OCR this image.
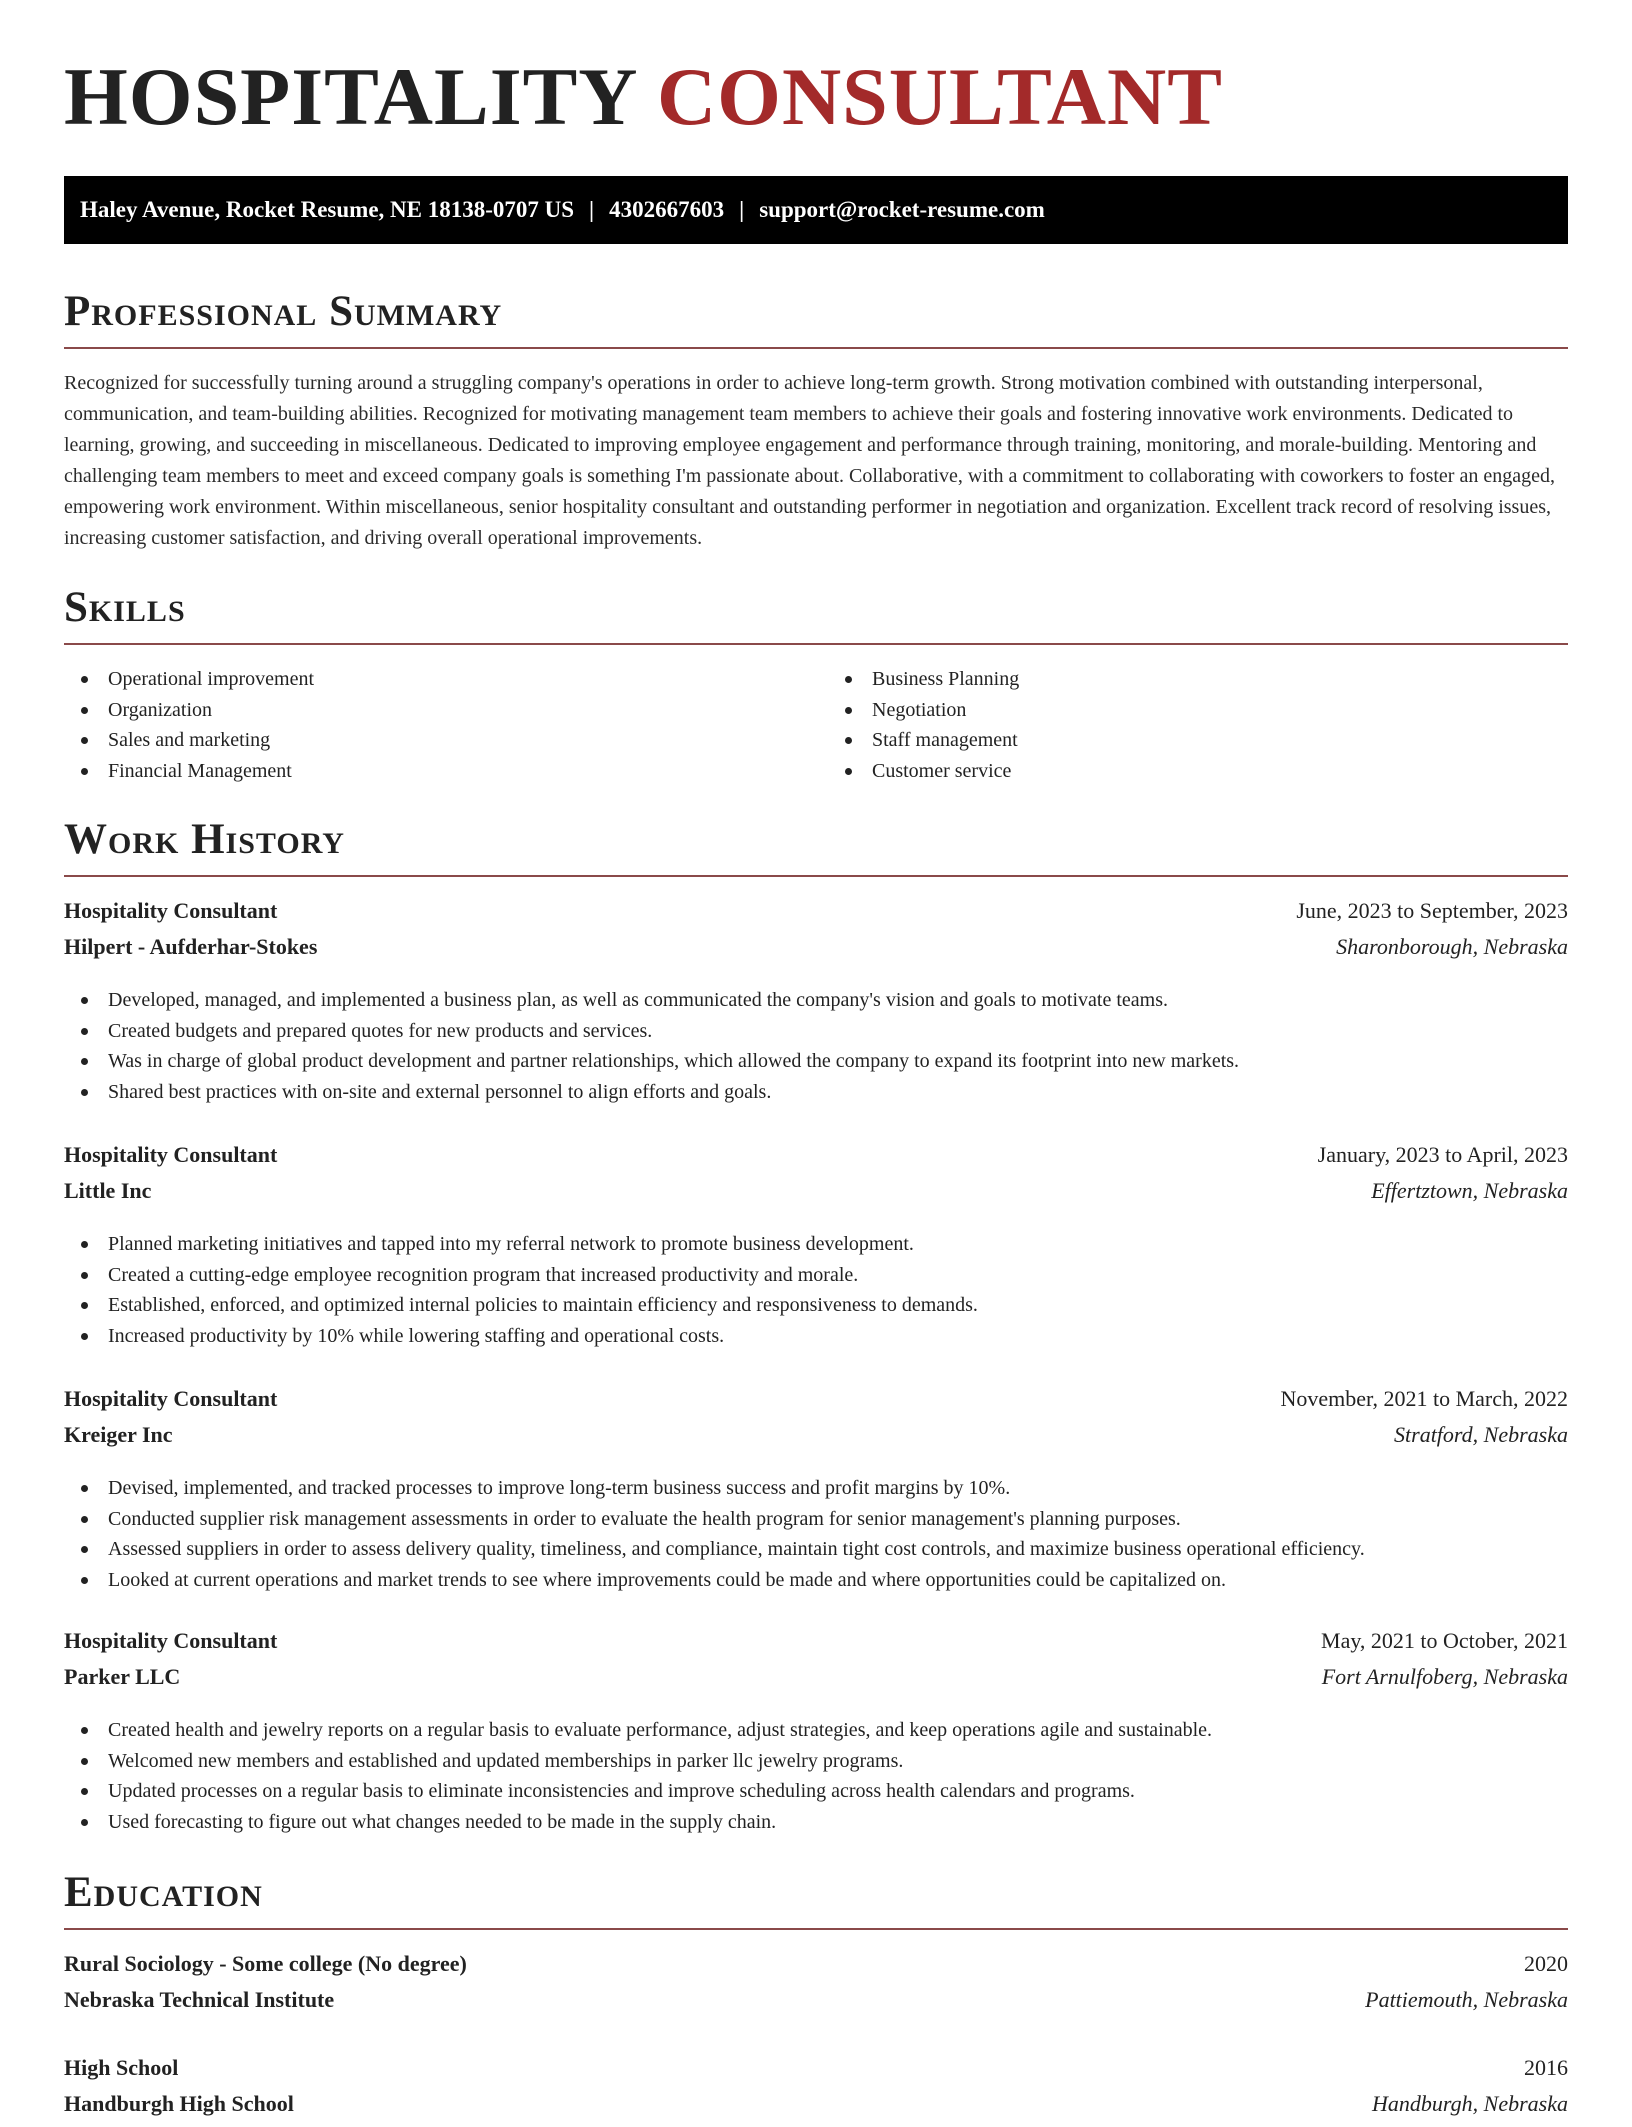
HOSPITALITY CONSULTANT
Haley Avenue, Rocket Resume, NE 18138-0707 US | 4302667603 | support@rocket-resume.com
Professional Summary
Recognized for successfully turning around a struggling company's operations in order to achieve long-term growth. Strong motivation combined with outstanding interpersonal, communication, and team-building abilities. Recognized for motivating management team members to achieve their goals and fostering innovative work environments. Dedicated to learning, growing, and succeeding in miscellaneous. Dedicated to improving employee engagement and performance through training, monitoring, and morale-building. Mentoring and challenging team members to meet and exceed company goals is something I'm passionate about. Collaborative, with a commitment to collaborating with coworkers to foster an engaged, empowering work environment. Within miscellaneous, senior hospitality consultant and outstanding performer in negotiation and organization. Excellent track record of resolving issues, increasing customer satisfaction, and driving overall operational improvements.
Skills
Operational improvement	Business Planning
Organization	Negotiation
Sales and marketing	Staff management
Financial Management	Customer service
Work History
Hospitality Consultant	June, 2023 to September, 2023
Hilpert - Aufderhar-Stokes	Sharonborough, Nebraska
Developed, managed, and implemented a business plan, as well as communicated the company's vision and goals to motivate teams.
Created budgets and prepared quotes for new products and services.
Was in charge of global product development and partner relationships, which allowed the company to expand its footprint into new markets.
Shared best practices with on-site and external personnel to align efforts and goals.
Hospitality Consultant	January, 2023 to April, 2023
Little Inc	Effertztown, Nebraska
Planned marketing initiatives and tapped into my referral network to promote business development.
Created a cutting-edge employee recognition program that increased productivity and morale.
Established, enforced, and optimized internal policies to maintain efficiency and responsiveness to demands.
Increased productivity by 10% while lowering staffing and operational costs.
Hospitality Consultant	November, 2021 to March, 2022
Kreiger Inc	Stratford, Nebraska
Devised, implemented, and tracked processes to improve long-term business success and profit margins by 10%.
Conducted supplier risk management assessments in order to evaluate the health program for senior management's planning purposes.
Assessed suppliers in order to assess delivery quality, timeliness, and compliance, maintain tight cost controls, and maximize business operational efficiency.
Looked at current operations and market trends to see where improvements could be made and where opportunities could be capitalized on.
Hospitality Consultant	May, 2021 to October, 2021
Parker LLC	Fort Arnulfoberg, Nebraska
Created health and jewelry reports on a regular basis to evaluate performance, adjust strategies, and keep operations agile and sustainable.
Welcomed new members and established and updated memberships in parker llc jewelry programs.
Updated processes on a regular basis to eliminate inconsistencies and improve scheduling across health calendars and programs.
Used forecasting to figure out what changes needed to be made in the supply chain.
Education
Rural Sociology - Some college (No degree)	2020
Nebraska Technical Institute	Pattiemouth, Nebraska
High School	2016
Handburgh High School	Handburgh, Nebraska
